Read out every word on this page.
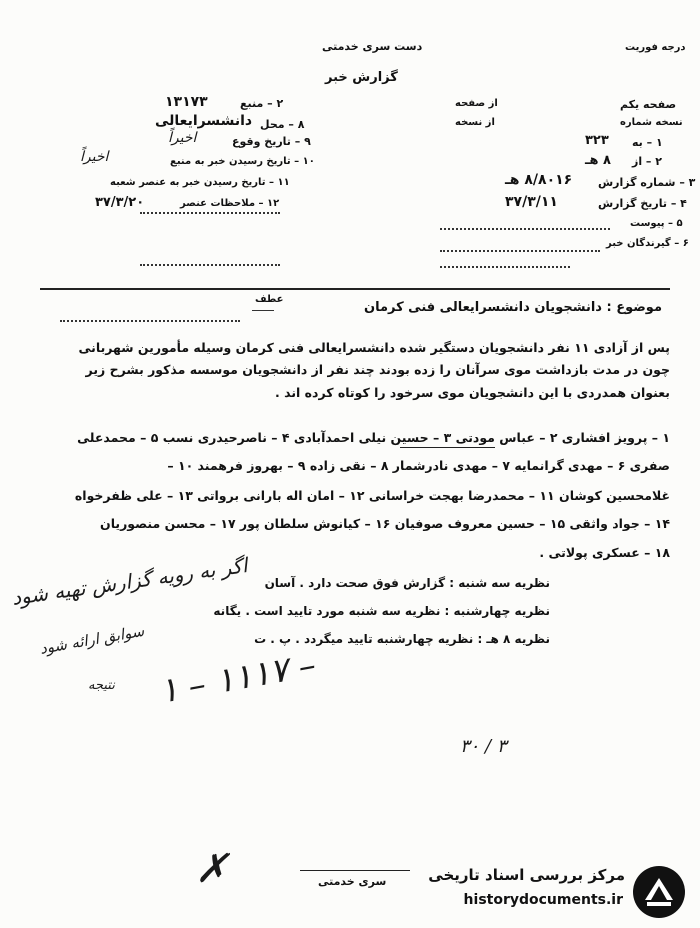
دست سری خدمتی
گزارش خبر
درجه فوریت
۲ – منبع
۱۳۱۷۳
۸ – محل
دانشسرایعالی
۹ – تاریخ وقوع
اخیراً
۱۰ – تاریخ رسیدن خبر به منبع
اخیراً
۱۱ – تاریخ رسیدن خبر به عنصر شعبه
۱۲ – ملاحظات عنصر
۳۷/۳/۲۰
صفحه یکم
از صفحه
نسخه شماره
از نسخه
۱ – به
۳۲۳
۲ – از
۸ هـ
۳ – شماره گزارش
۸/۸۰۱۶ هـ
۴ – تاریخ گزارش
۳۷/۳/۱۱
۵ – پیوست
۶ – گیرندگان خبر
موضوع : دانشجویان دانشسرایعالی فنی کرمان
عطف
پس از آزادی ۱۱ نفر دانشجویان دستگیر شده دانشسرایعالی فنی کرمان وسیله مأمورین شهربانی
چون در مدت بازداشت موی سرآنان را زده بودند چند نفر از دانشجویان موسسه مذکور بشرح زیر
بعنوان همدردی با این دانشجویان موی سرخود را کوتاه کرده اند .
۱ – پرویز افشاری ۲ – عباس مودتی ۳ – حسین نیلی احمدآبادی ۴ – ناصرحیدری نسب ۵ – محمدعلی
صفری ۶ – مهدی گرانمایه ۷ – مهدی نادرشمار ۸ – نقی زاده ۹ – بهروز فرهمند ۱۰ –
غلامحسین کوشان ۱۱ – محمدرضا بهجت خراسانی ۱۲ – امان اله بارانی برواتی ۱۳ – علی ظفرخواه
۱۴ – جواد واثقی ۱۵ – حسین معروف صوفیان ۱۶ – کیانوش سلطان پور ۱۷ – محسن منصوریان
۱۸ – عسکری پولاتی .
نظریه سه شنبه : گزارش فوق صحت دارد . آسان
نظریه چهارشنبه : نظریه سه شنبه مورد تایید است . یگانه
نظریه ۸ هـ : نظریه چهارشنبه تایید میگردد . پ . ت
اگر به رویه گزارش تهیه شود
سوابق ارائه شود
نتیجه ۱ – ۱۱۱۷ –
۳۰ / ۳
✗	سری خدمتی	مرکز بررسی اسناد تاریخی
historydocuments.ir
